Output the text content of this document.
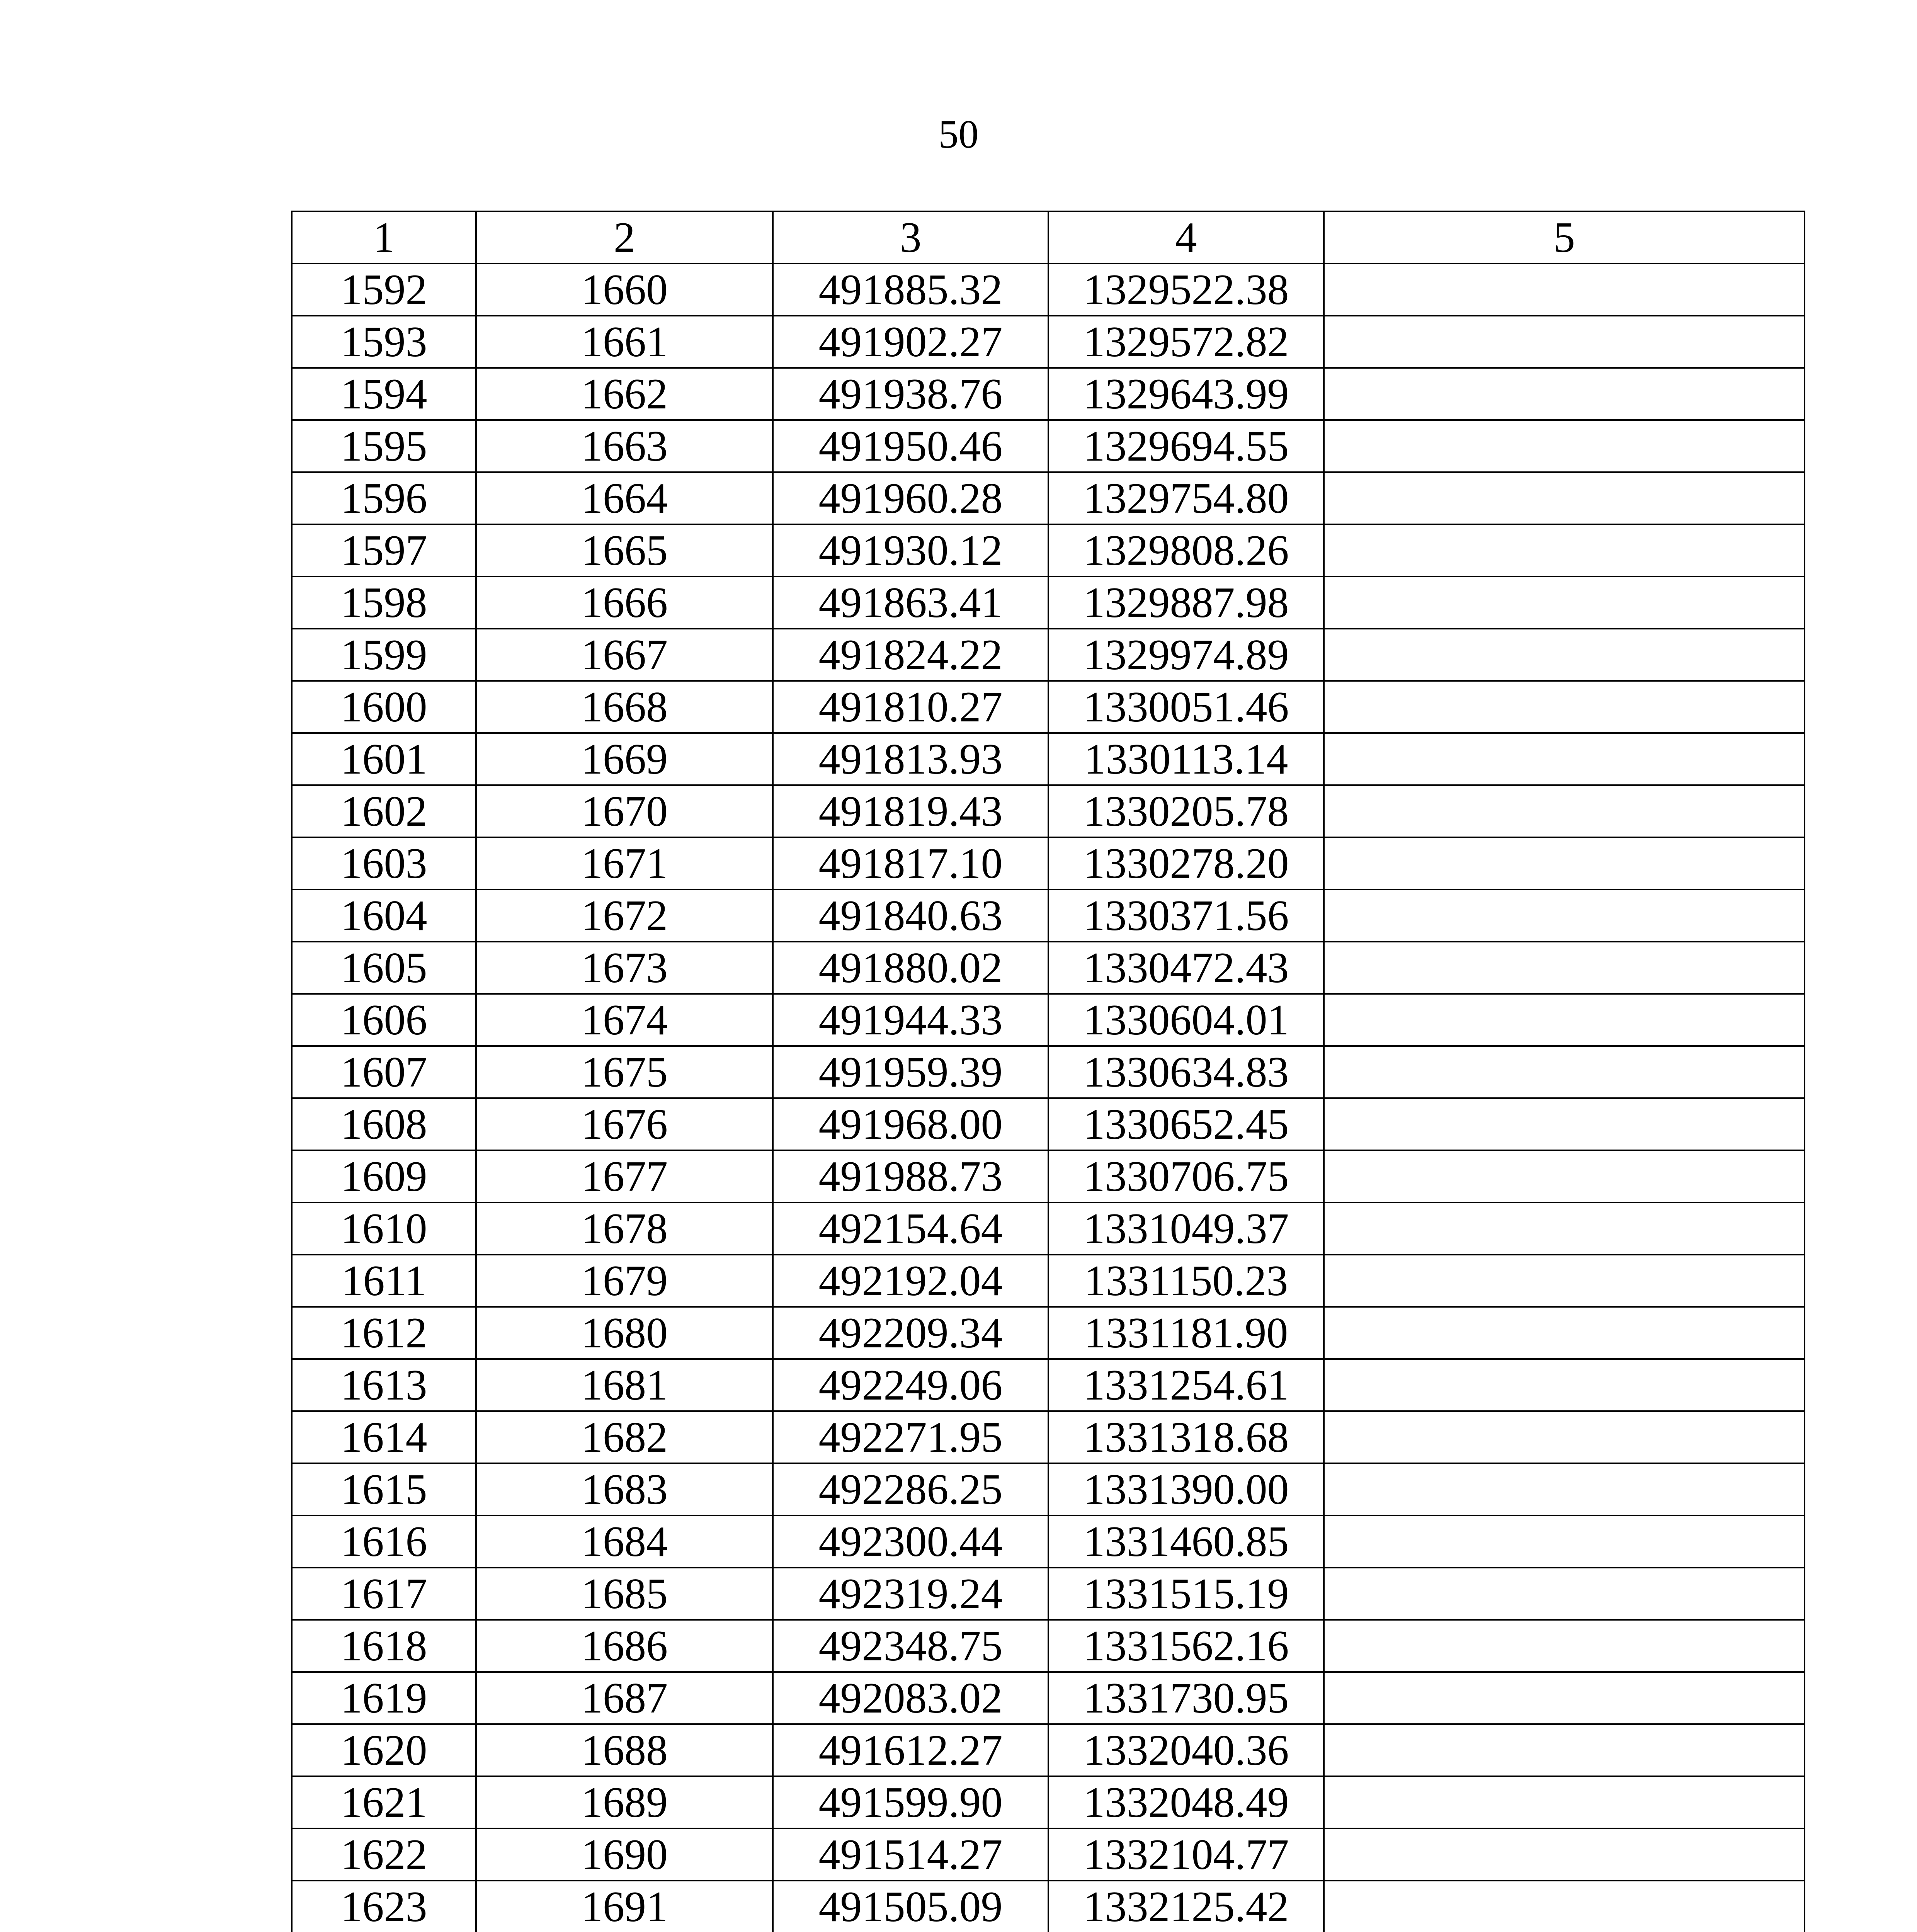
50
1	2	3	4	5
1592	1660	491885.32	1329522.38	
1593	1661	491902.27	1329572.82	
1594	1662	491938.76	1329643.99	
1595	1663	491950.46	1329694.55	
1596	1664	491960.28	1329754.80	
1597	1665	491930.12	1329808.26	
1598	1666	491863.41	1329887.98	
1599	1667	491824.22	1329974.89	
1600	1668	491810.27	1330051.46	
1601	1669	491813.93	1330113.14	
1602	1670	491819.43	1330205.78	
1603	1671	491817.10	1330278.20	
1604	1672	491840.63	1330371.56	
1605	1673	491880.02	1330472.43	
1606	1674	491944.33	1330604.01	
1607	1675	491959.39	1330634.83	
1608	1676	491968.00	1330652.45	
1609	1677	491988.73	1330706.75	
1610	1678	492154.64	1331049.37	
1611	1679	492192.04	1331150.23	
1612	1680	492209.34	1331181.90	
1613	1681	492249.06	1331254.61	
1614	1682	492271.95	1331318.68	
1615	1683	492286.25	1331390.00	
1616	1684	492300.44	1331460.85	
1617	1685	492319.24	1331515.19	
1618	1686	492348.75	1331562.16	
1619	1687	492083.02	1331730.95	
1620	1688	491612.27	1332040.36	
1621	1689	491599.90	1332048.49	
1622	1690	491514.27	1332104.77	
1623	1691	491505.09	1332125.42	
